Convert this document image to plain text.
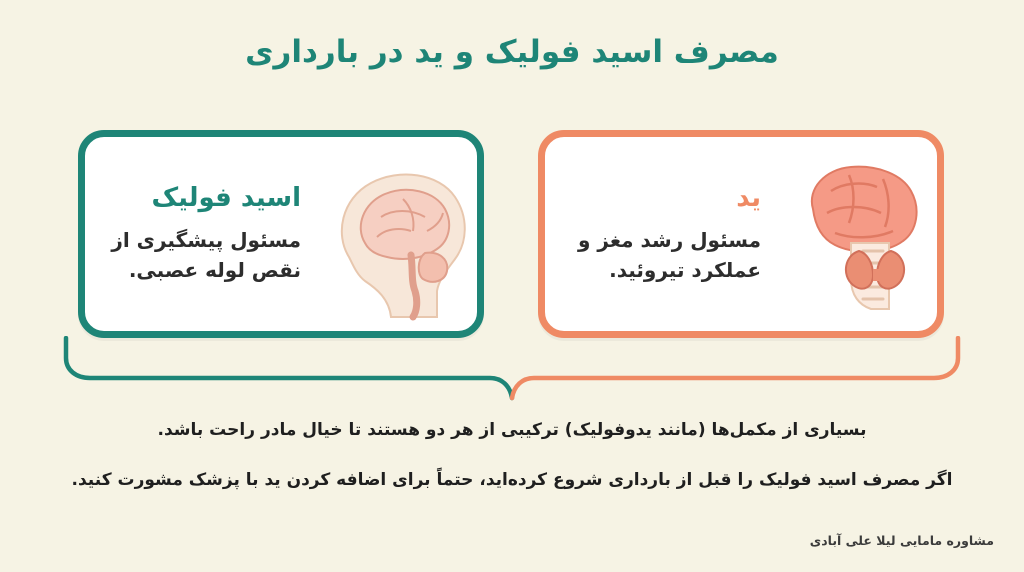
مصرف اسید فولیک و ید در بارداری
اسید فولیک
مسئول پیشگیری از نقص لوله عصبی.
ید
مسئول رشد مغز و عملکرد تیروئید.
بسیاری از مکمل‌ها (مانند یدوفولیک) ترکیبی از هر دو هستند تا خیال مادر راحت باشد.
اگر مصرف اسید فولیک را قبل از بارداری شروع کرده‌اید، حتماً برای اضافه کردن ید با پزشک مشورت کنید.
مشاوره مامایی لیلا علی آبادی
